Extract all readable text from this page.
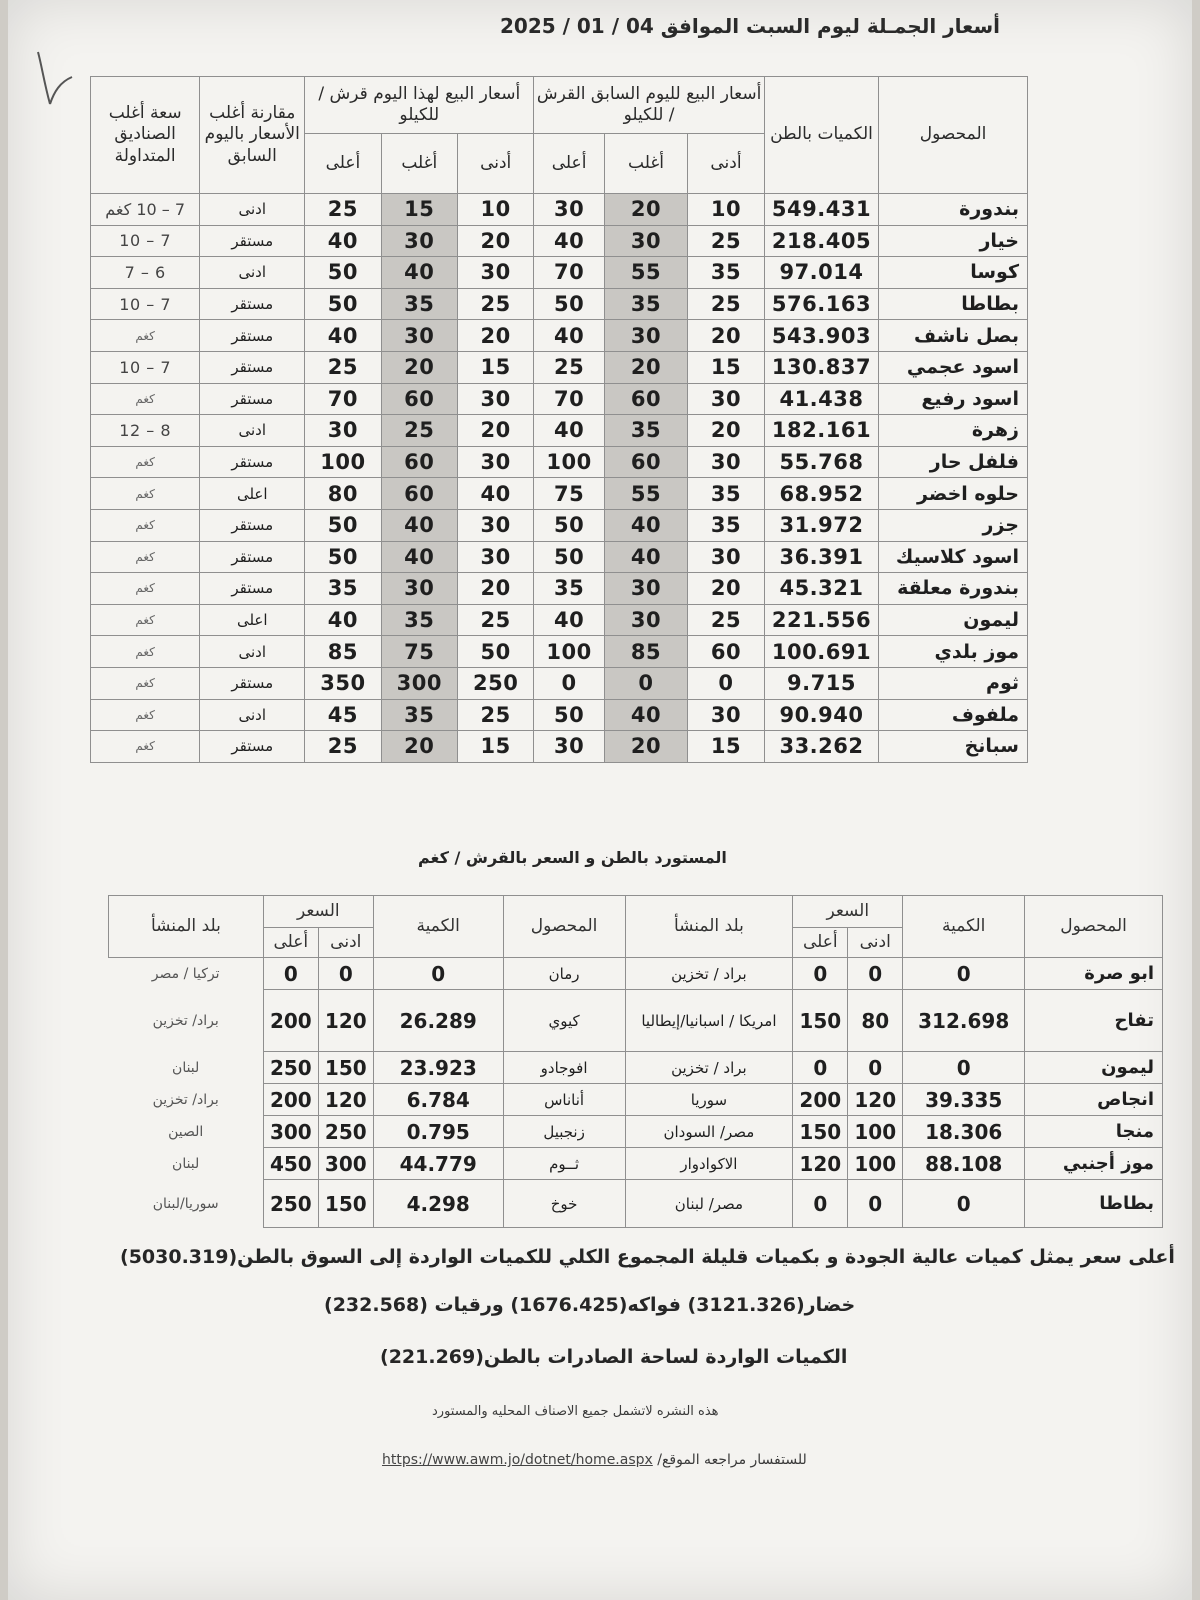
أسعار الجمـلة ليوم السبت الموافق 04 / 01 / 2025
المحصول	الكميات بالطن	أسعار البيع لليوم السابق القرش / للكيلو			أسعار البيع لهذا اليوم قرش / للكيلو			مقارنة أغلب الأسعار باليوم السابق	سعة أغلب الصناديق المتداولة
		أدنى	أغلب	أعلى	أدنى	أغلب	أعلى		
بندورة	549.431	10	20	30	10	15	25	ادنى	7 – 10 كغم
خيار	218.405	25	30	40	20	30	40	مستقر	7 – 10
كوسا	97.014	35	55	70	30	40	50	ادنى	6 – 7
بطاطا	576.163	25	35	50	25	35	50	مستقر	7 – 10
بصل ناشف	543.903	20	30	40	20	30	40	مستقر	كغم
اسود عجمي	130.837	15	20	25	15	20	25	مستقر	7 – 10
اسود رفيع	41.438	30	60	70	30	60	70	مستقر	كغم
زهرة	182.161	20	35	40	20	25	30	ادنى	8 – 12
فلفل حار	55.768	30	60	100	30	60	100	مستقر	كغم
حلوه اخضر	68.952	35	55	75	40	60	80	اعلى	كغم
جزر	31.972	35	40	50	30	40	50	مستقر	كغم
اسود كلاسيك	36.391	30	40	50	30	40	50	مستقر	كغم
بندورة معلقة	45.321	20	30	35	20	30	35	مستقر	كغم
ليمون	221.556	25	30	40	25	35	40	اعلى	كغم
موز بلدي	100.691	60	85	100	50	75	85	ادنى	كغم
ثوم	9.715	0	0	0	250	300	350	مستقر	كغم
ملفوف	90.940	30	40	50	25	35	45	ادنى	كغم
سبانخ	33.262	15	20	30	15	20	25	مستقر	كغم
المستورد بالطن و السعر بالقرش / كغم
المحصول	الكمية	السعر		بلد المنشأ	المحصول	الكمية	السعر		بلد المنشأ
		ادنى	أعلى				ادنى	أعلى	
ابو صرة	0	0	0	براد / تخزين	رمان	0	0	0	تركيا / مصر
تفاح	312.698	80	150	امريكا / اسبانيا/إيطاليا	كيوي	26.289	120	200	براد/ تخزين
ليمون	0	0	0	براد / تخزين	افوجادو	23.923	150	250	لبنان
انجاص	39.335	120	200	سوريا	أناناس	6.784	120	200	براد/ تخزين
منجا	18.306	100	150	مصر/ السودان	زنجبيل	0.795	250	300	الصين
موز أجنبي	88.108	100	120	الاكوادوار	ثــوم	44.779	300	450	لبنان
بطاطا	0	0	0	مصر/ لبنان	خوخ	4.298	150	250	سوريا/لبنان
أعلى سعر يمثل كميات عالية الجودة و بكميات قليلة المجموع الكلي للكميات الواردة إلى السوق بالطن(5030.319)
خضار(3121.326) فواكه(1676.425) ورقيات (232.568)
الكميات الواردة لساحة الصادرات بالطن(221.269)
هذه النشره لاتشمل جميع الاصناف المحليه والمستورد
للستفسار مراجعه الموقع/ https://www.awm.jo/dotnet/home.aspx
